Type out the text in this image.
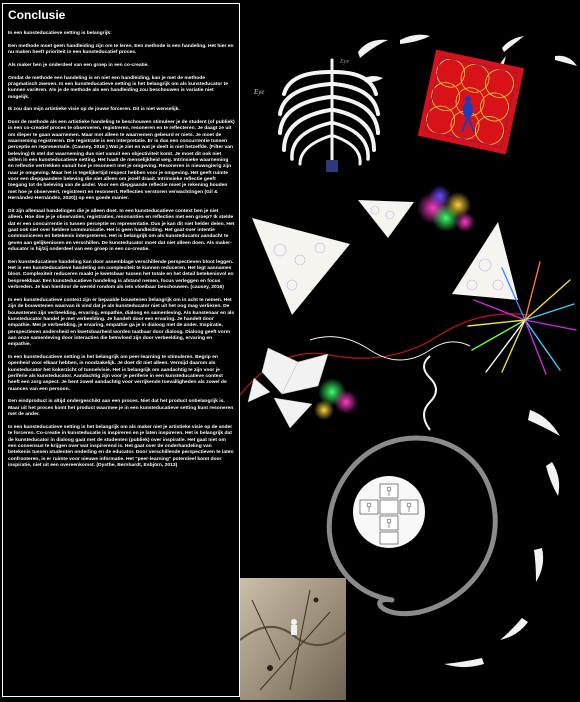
Conclusie

In een kunsteducatieve setting is belangrijk:

Een methode moet geen handleiding zijn om te leren. Een methode is een handeling. Het hier en nu maken heeft prioriteit in een kunsteducatief proces.

Als maker ben je onderdeel van een groep in een co-creatie.

Omdat de methode een handeling is en niet een handleiding, kan je met de methode pragmatisch zweven. In een kunsteducatieve setting is het belangrijk om als kunsteducator te kunnen variëren. Als je de methode als een handleiding zou beschouwen is variatie niet mogelijk.

Ik zou dan mijn artistieke visie op de jouwe forceren. Dit is niet wenselijk.

Door de methode als een artistieke handeling te beschouwen stimuleer je de student (of publiek) in een co-creatief proces te observeren, registreren, resoneren en te reflecteren. Je daagt ze uit om dieper te gaan waarnemen. Maar met alleen te waarnemen gebeurd er niets. Je moet de waarneming registreren. Die registratie is een interpretatie. Er is dus een concurrentie tussen perceptie en representatie. (Causey, 2016 ) Wat je ziet en wat je deelt is niet hetzelfde. (Filter van beleving) Ik stel dat waarneming dus niet vanuit een objectiviteit komt. Je moet dit ook niet willen in een kunsteducatieve setting. Het haalt de menselijkheid weg. Intrinsieke waarneming en reflectie vertrekken vanuit hoe je resoneert met je omgeving. Resoneren is nieuwsgierig zijn naar je omgeving. Maar het is tegelijkertijd respect hebben voor je omgeving. Het geeft ruimte voor een diepgaandere beleving die niet alleen om jezelf draait. Intrinsieke reflectie geeft toegang tot de beleving van de ander. Voor een diepgaande reflectie moet je rekening houden met hoe je observeert, registreert en resoneert. Reflecties verstoren verwachtingen (Gil & Hernández-Hernández, 2020)) op een goede manier.

Dit zijn allemaal handelingen die je alleen doet. In een kunsteducatieve context ben je niet alleen. Hoe doe je je observaties, registraties, resonanties en reflecties met een groep? Ik stelde dat er een concurrentie is tussen perceptie en representatie. Dus je kan dit niet helder delen. Het gaat ook niet over heldere communicatie. Het is geen handleiding. Het gaat over intentie communiceren en betekenis interpreteren. Het is belangrijk om als kunsteducator aandacht te geven aan gelijkenissen en verschillen. De kunsteducator moet dat niet alleen doen. Als maker-educator is hij/zij onderdeel van een groep in een co-creatie.

Een kunsteducatieve handeling kan door assemblage verschillende perspectieven bloot leggen. Het is een kunsteducatieve handeling om complexiteit te kunnen reduceren. Het legt aannames bloot. Complexiteit reduceren maakt je kwetsbaar tussen het totale en het detail betekenisvol en bespreekbaar. Een kunsteducatieve handeling is afstand nemen, focus verleggen en focus verbreden. Je kan hierdoor de wereld rondom als iets vloeibaar beschouwen. (causey, 2016)

In een kunsteducatieve context zijn er bepaalde bouwtenen belangrijk om in acht te nemen. Het zijn de bouwstenen waarvan ik vind dat je als kunsteducator niet uit het oog mag verliezen. De bouwstenen zijn verbeelding, ervaring, empathie, dialoog en samenleving. Als kunstenaar en als kunsteducator handel je met verbeelding. Je handelt door een ervaring. Je handelt door empathie. Met je verbeelding, je ervaring, empathie ga je in dialoog met de ander. Inspiratie, perspectieven andersheid en kwetsbaarheid worden taatbaar door dialoog. Dialoog geeft vorm aan onze samenleving door interacties die beïnvloed zijn door verbeelding, ervaring en empathie.

In een kunsteducatieve setting is het belangrijk om peer-learning te stimuleren. Begrip en openheid voor elkaar hebben, is noodzakelijk. Je doet dit niet alleen. Vermijd daarom als kunsteducator het kokerzicht of tunnelvisie. Het is belangrijk om aandachtig te zijn voor je periferie als kunsteducator. Aandachtig zijn voor je periferie in een kunsteducatieve context heeft een zorg aspect. Je bent zowel aandachtig voor verrijkende toevalligheden als zowel de nuances van een persoon.

Een eindproduct is altijd ondergeschikt aan een proces. Niet dat het product onbelangrijk is. Maar uit het proces komt het product waarmee je in een kunsteducatieve setting kunt resoneren met de ander.

In een kunsteducatieve setting is het belangrijk om als maker niet je artistieke visie op de ander te forceren. Co-creatie in kunsteducatie is inspireren en je laten inspireren. Het is belangrijk dat de kunsteducator in dialoog gaat met de studenten (publiek) over inspiratie. Het gaat niet om een consensus te krijgen over wat inspirerend is. Het gaat over de onderhandeling van betekenis tussen studenten onderling en de educator. Door verschillende perspectieven te laten confronteren, is er ruimte voor nieuwe informatie. Het "peer-learning" potentieel komt door inspiratie, niet uit een overeenkomst. (Dysthe, Bernhardt, Esbjörn, 2013)

Eye
Eye
